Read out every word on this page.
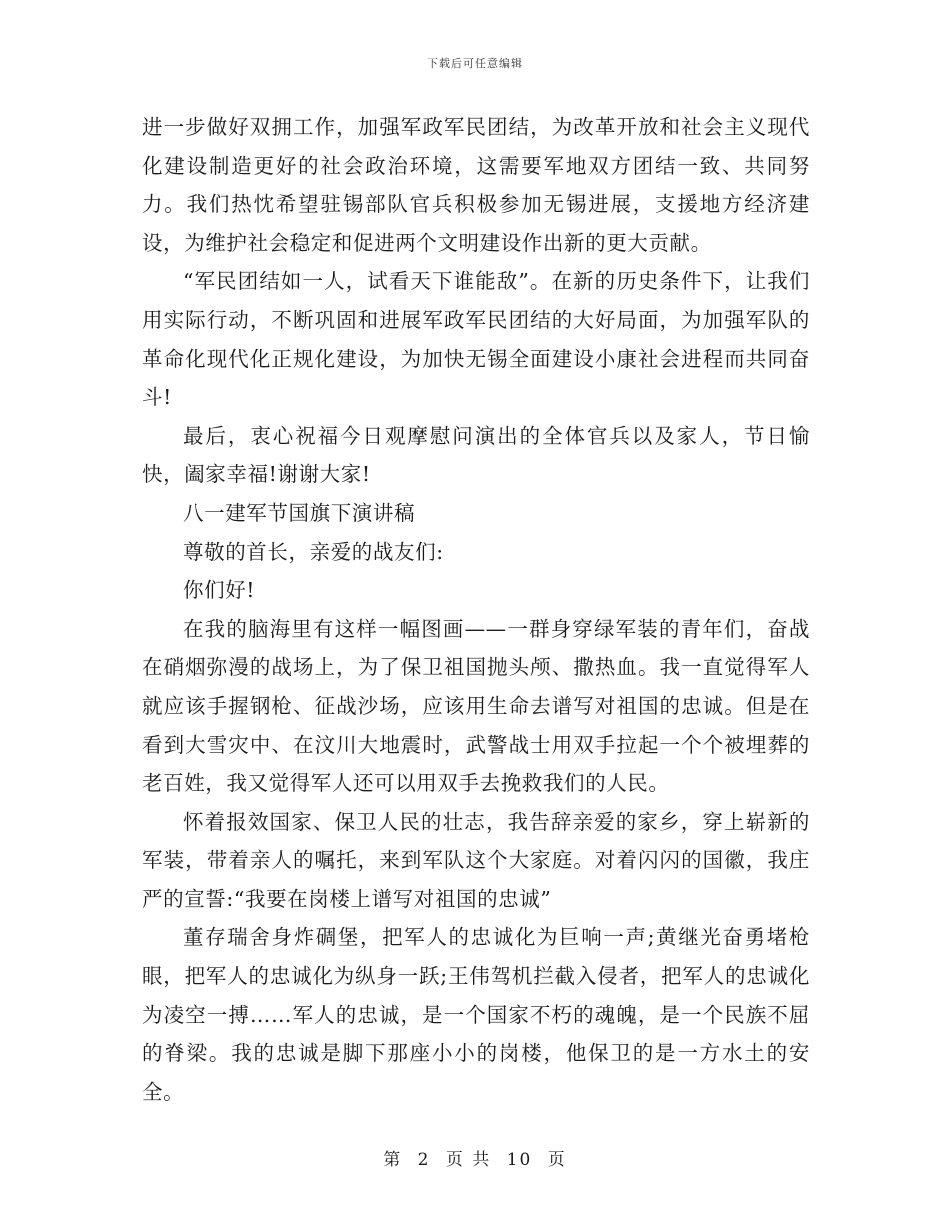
下载后可任意编辑

进一步做好双拥工作，加强军政军民团结，为改革开放和社会主义现代化建设制造更好的社会政治环境，这需要军地双方团结一致、共同努力。我们热忱希望驻锡部队官兵积极参加无锡进展，支援地方经济建设，为维护社会稳定和促进两个文明建设作出新的更大贡献。

“军民团结如一人，试看天下谁能敌”。在新的历史条件下，让我们用实际行动，不断巩固和进展军政军民团结的大好局面，为加强军队的革命化现代化正规化建设，为加快无锡全面建设小康社会进程而共同奋斗!

最后，衷心祝福今日观摩慰问演出的全体官兵以及家人，节日愉快，阖家幸福!谢谢大家!

八一建军节国旗下演讲稿

尊敬的首长，亲爱的战友们:

你们好!

在我的脑海里有这样一幅图画——一群身穿绿军装的青年们，奋战在硝烟弥漫的战场上，为了保卫祖国抛头颅、撒热血。我一直觉得军人就应该手握钢枪、征战沙场，应该用生命去谱写对祖国的忠诚。但是在看到大雪灾中、在汶川大地震时，武警战士用双手拉起一个个被埋葬的老百姓，我又觉得军人还可以用双手去挽救我们的人民。

怀着报效国家、保卫人民的壮志，我告辞亲爱的家乡，穿上崭新的军装，带着亲人的嘱托，来到军队这个大家庭。对着闪闪的国徽，我庄严的宣誓:“我要在岗楼上谱写对祖国的忠诚”

董存瑞舍身炸碉堡，把军人的忠诚化为巨响一声;黄继光奋勇堵枪眼，把军人的忠诚化为纵身一跃;王伟驾机拦截入侵者，把军人的忠诚化为凌空一搏……军人的忠诚，是一个国家不朽的魂魄，是一个民族不屈的脊梁。我的忠诚是脚下那座小小的岗楼，他保卫的是一方水土的安全。

第 2 页 共 10 页
